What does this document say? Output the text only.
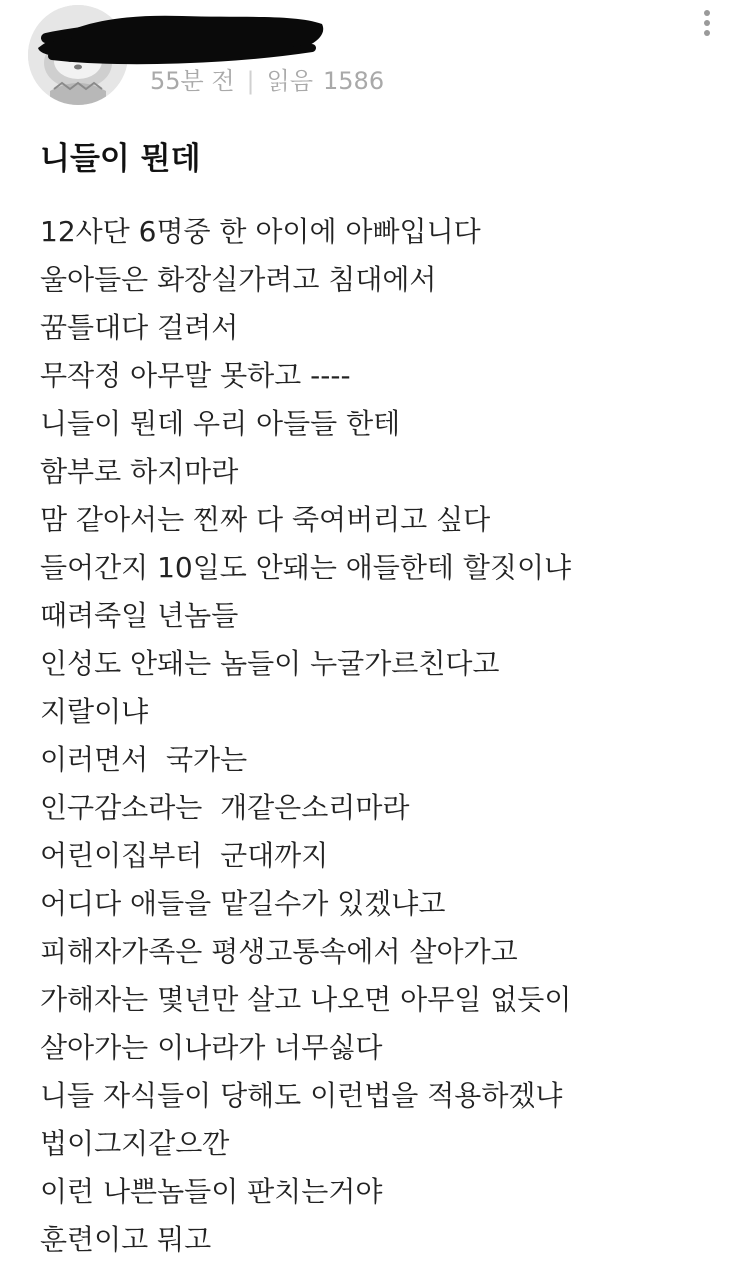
55분 전 | 읽음 1586
니들이 뭔데
12사단 6명중 한 아이에 아빠입니다
울아들은 화장실가려고 침대에서
꿈틀대다 걸려서
무작정 아무말 못하고 ----
니들이 뭔데 우리 아들들 한테
함부로 하지마라
맘 같아서는 찐짜 다 죽여버리고 싶다
들어간지 10일도 안돼는 애들한테 할짓이냐
때려죽일 년놈들
인성도 안돼는 놈들이 누굴가르친다고
지랄이냐
이러면서  국가는
인구감소라는  개같은소리마라
어린이집부터  군대까지
어디다 애들을 맡길수가 있겠냐고
피해자가족은 평생고통속에서 살아가고
가해자는 몇년만 살고 나오면 아무일 없듯이
살아가는 이나라가 너무싫다
니들 자식들이 당해도 이런법을 적용하겠냐
법이그지같으깐
이런 나쁜놈들이 판치는거야
훈련이고 뭐고
